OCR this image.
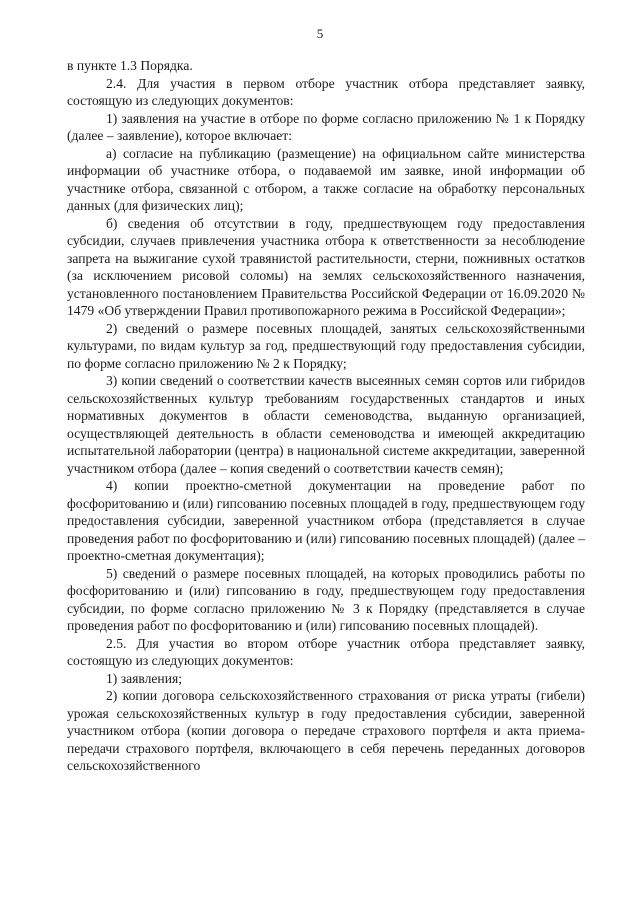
5

в пункте 1.3 Порядка.

2.4. Для участия в первом отборе участник отбора представляет заявку, состоящую из следующих документов:

1) заявления на участие в отборе по форме согласно приложению № 1 к Порядку (далее – заявление), которое включает:

а) согласие на публикацию (размещение) на официальном сайте министерства информации об участнике отбора, о подаваемой им заявке, иной информации об участнике отбора, связанной с отбором, а также согласие на обработку персональных данных (для физических лиц);

б) сведения об отсутствии в году, предшествующем году предоставления субсидии, случаев привлечения участника отбора к ответственности за несоблюдение запрета на выжигание сухой травянистой растительности, стерни, пожнивных остатков (за исключением рисовой соломы) на землях сельскохозяйственного назначения, установленного постановлением Правительства Российской Федерации от 16.09.2020 № 1479 «Об утверждении Правил противопожарного режима в Российской Федерации»;

2) сведений о размере посевных площадей, занятых сельскохозяйственными культурами, по видам культур за год, предшествующий году предоставления субсидии, по форме согласно приложению № 2 к Порядку;

3) копии сведений о соответствии качеств высеянных семян сортов или гибридов сельскохозяйственных культур требованиям государственных стандартов и иных нормативных документов в области семеноводства, выданную организацией, осуществляющей деятельность в области семеноводства и имеющей аккредитацию испытательной лаборатории (центра) в национальной системе аккредитации, заверенной участником отбора (далее – копия сведений о соответствии качеств семян);

4) копии проектно-сметной документации на проведение работ по фосфоритованию и (или) гипсованию посевных площадей в году, предшествующем году предоставления субсидии, заверенной участником отбора (представляется в случае проведения работ по фосфоритованию и (или) гипсованию посевных площадей) (далее – проектно-сметная документация);

5) сведений о размере посевных площадей, на которых проводились работы по фосфоритованию и (или) гипсованию в году, предшествующем году предоставления субсидии, по форме согласно приложению № 3 к Порядку (представляется в случае проведения работ по фосфоритованию и (или) гипсованию посевных площадей).

2.5. Для участия во втором отборе участник отбора представляет заявку, состоящую из следующих документов:

1) заявления;

2) копии договора сельскохозяйственного страхования от риска утраты (гибели) урожая сельскохозяйственных культур в году предоставления субсидии, заверенной участником отбора (копии договора о передаче страхового портфеля и акта приема-передачи страхового портфеля, включающего в себя перечень переданных договоров сельскохозяйственного
